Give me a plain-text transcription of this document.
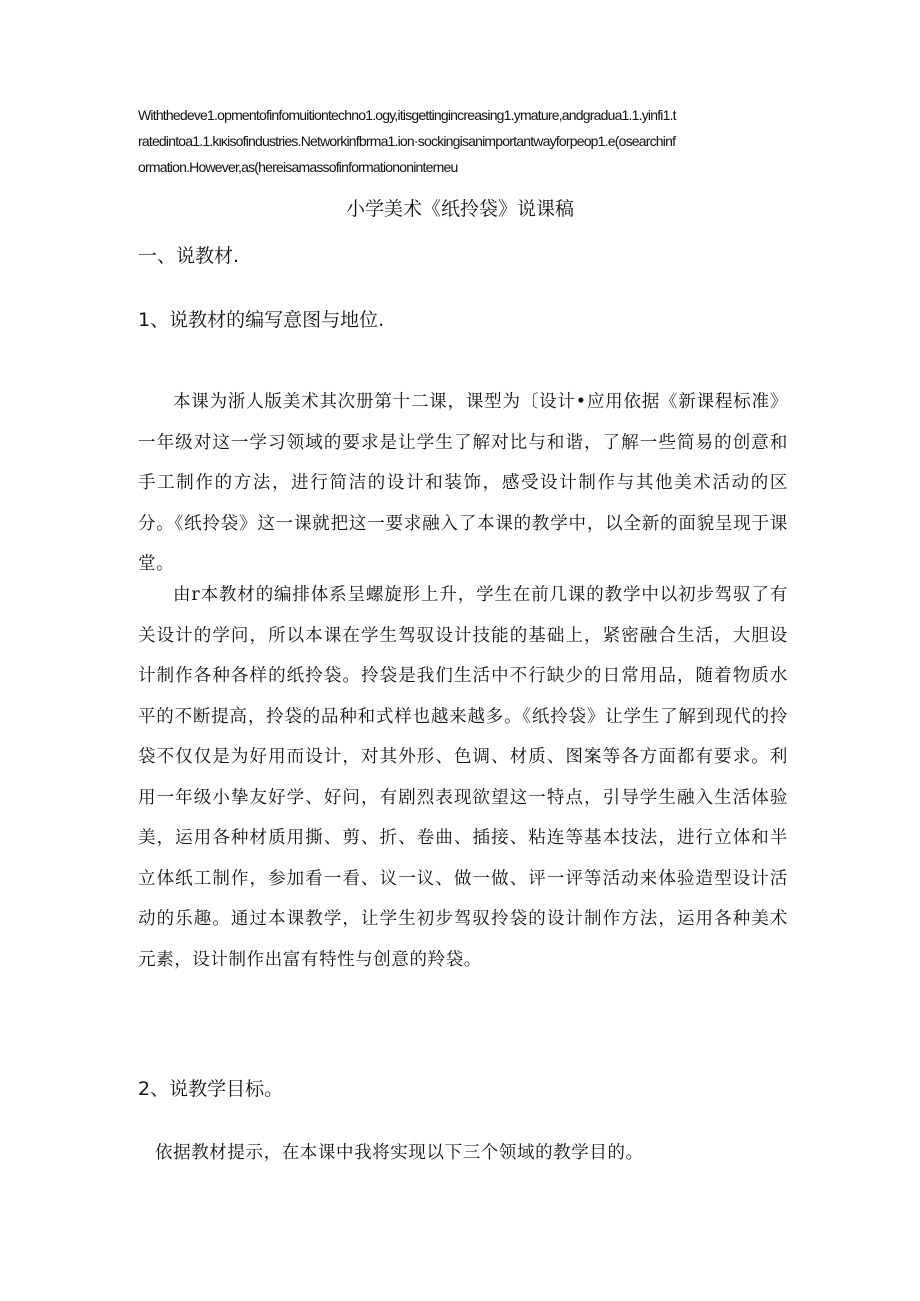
Withthedeve1.opmentofinfomuitiontechno1.ogy,itisgettingincreasing1.ymature,andgradua1.1.yinfi1.t
ratedintoa1.1.kικisofindustries.Networkinfbrma1.ion·sockingisanimportantwayforpeop1.e(osearchinf
ormation.However,as(hereisamassofinformationonintemeu
小学美术《纸拎袋》说课稿
一、说教材.
1、说教材的编写意图与地位.
本课为浙人版美术其次册第十二课，课型为〔设计•应用依据《新课程标准》一年级对这一学习领域的要求是让学生了解对比与和谐，了解一些简易的创意和手工制作的方法，进行简洁的设计和装饰，感受设计制作与其他美术活动的区分。《纸拎袋》这一课就把这一要求融入了本课的教学中，以全新的面貌呈现于课堂。
由r本教材的编排体系呈螺旋形上升，学生在前几课的教学中以初步驾驭了有关设计的学问，所以本课在学生驾驭设计技能的基础上，紧密融合生活，大胆设计制作各种各样的纸拎袋。拎袋是我们生活中不行缺少的日常用品，随着物质水平的不断提高，拎袋的品种和式样也越来越多。《纸拎袋》让学生了解到现代的拎袋不仅仅是为好用而设计，对其外形、色调、材质、图案等各方面都有要求。利用一年级小挚友好学、好问，有剧烈表现欲望这一特点，引导学生融入生活体验美，运用各种材质用撕、剪、折、卷曲、插接、粘连等基本技法，进行立体和半立体纸工制作，参加看一看、议一议、做一做、评一评等活动来体验造型设计活动的乐趣。通过本课教学，让学生初步驾驭拎袋的设计制作方法，运用各种美术元素，设计制作出富有特性与创意的羚袋。
2、说教学目标。
依据教材提示，在本课中我将实现以下三个领域的教学目的。
